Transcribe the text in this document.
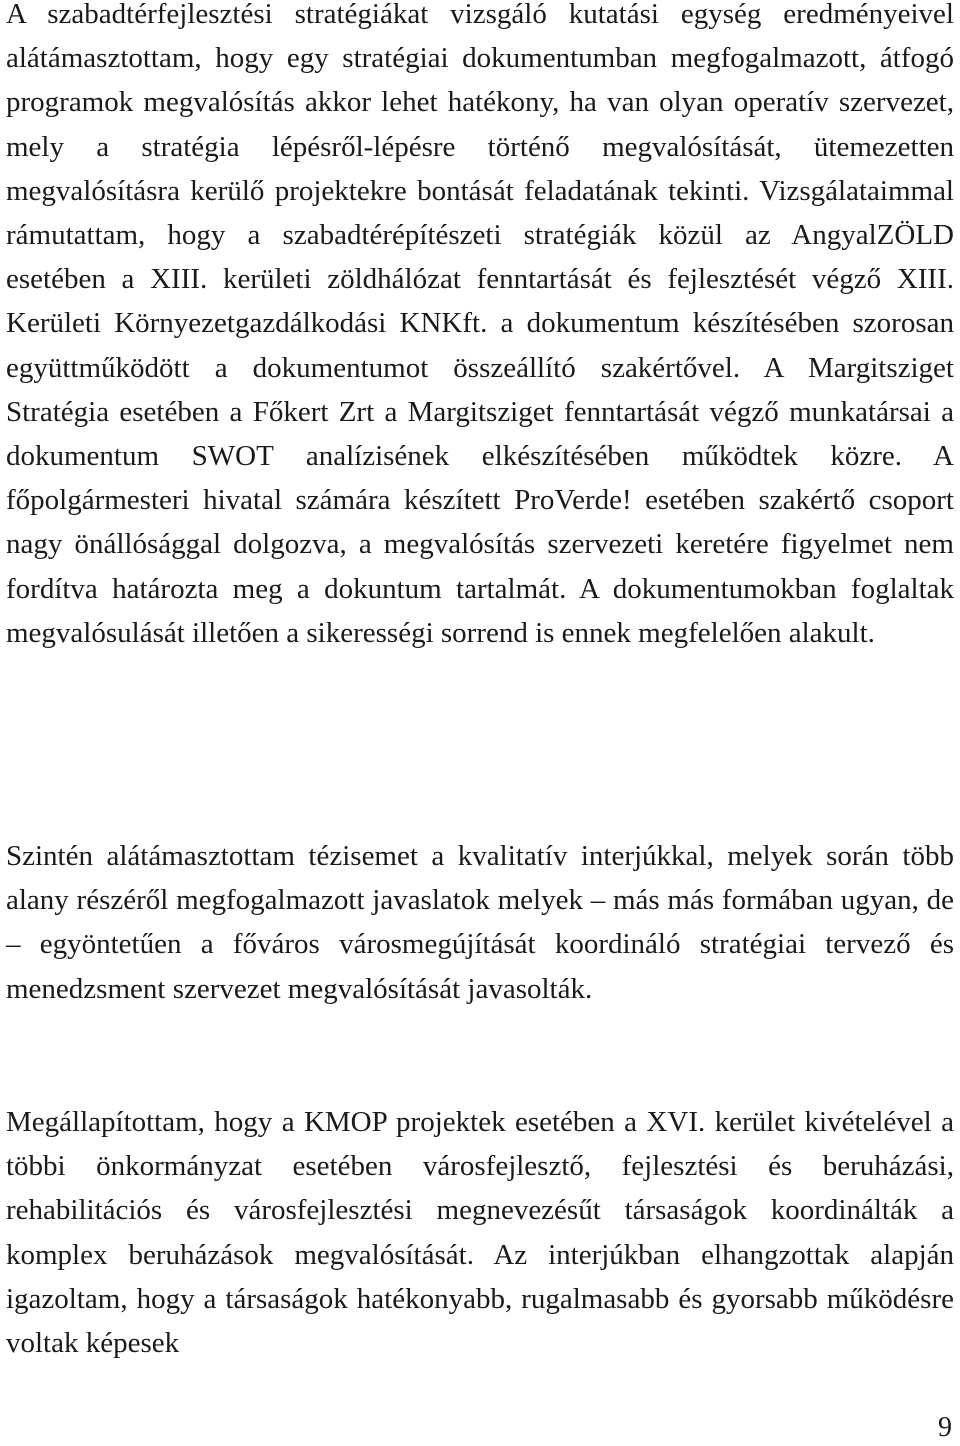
A szabadtérfejlesztési stratégiákat vizsgáló kutatási egység eredményeivel alátámasztottam, hogy egy stratégiai dokumentumban megfogalmazott, átfogó programok megvalósítás akkor lehet hatékony, ha van olyan operatív szervezet, mely a stratégia lépésről-lépésre történő megvalósítását, ütemezetten megvalósításra kerülő projektekre bontását feladatának tekinti. Vizsgálataimmal rámutattam, hogy a szabadtérépítészeti stratégiák közül az AngyalZÖLD esetében a XIII. kerületi zöldhálózat fenntartását és fejlesztését végző XIII. Kerületi Környezetgazdálkodási KNKft. a dokumentum készítésében szorosan együttműködött a dokumentumot összeállító szakértővel. A Margitsziget Stratégia esetében a Főkert Zrt a Margitsziget fenntartását végző munkatársai a dokumentum SWOT analízisének elkészítésében működtek közre. A főpolgármesteri hivatal számára készített ProVerde! esetében szakértő csoport nagy önállósággal dolgozva, a megvalósítás szervezeti keretére figyelmet nem fordítva határozta meg a dokuntum tartalmát. A dokumentumokban foglaltak megvalósulását illetően a sikerességi sorrend is ennek megfelelően alakult.

Szintén alátámasztottam tézisemet a kvalitatív interjúkkal, melyek során több alany részéről megfogalmazott javaslatok melyek – más más formában ugyan, de – egyöntetűen a főváros városmegújítását koordináló stratégiai tervező és menedzsment szervezet megvalósítását javasolták.

Megállapítottam, hogy a KMOP projektek esetében a XVI. kerület kivételével a többi önkormányzat esetében városfejlesztő, fejlesztési és beruházási, rehabilitációs és városfejlesztési megnevezésűt társaságok koordinálták a komplex beruházások megvalósítását. Az interjúkban elhangzottak alapján igazoltam, hogy a társaságok hatékonyabb, rugalmasabb és gyorsabb működésre voltak képesek

9
